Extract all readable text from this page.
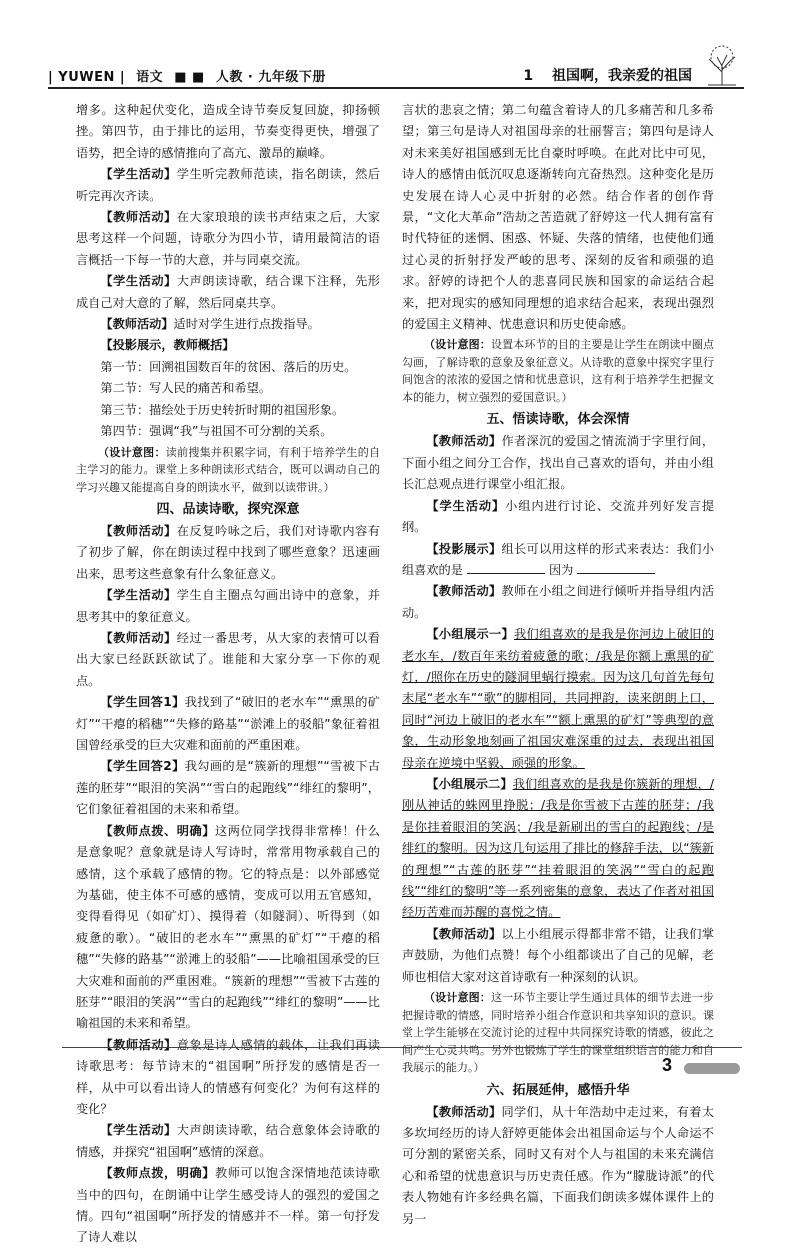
| YUWEN | 语文 ■ ■ 人教 · 九年级下册	1 祖国啊，我亲爱的祖国

增多。这种起伏变化，造成全诗节奏反复回旋，抑扬顿挫。第四节，由于排比的运用，节奏变得更快，增强了语势，把全诗的感情推向了高亢、激昂的巅峰。

【学生活动】学生听完教师范读，指名朗读，然后听完再次齐读。

【教师活动】在大家琅琅的读书声结束之后，大家思考这样一个问题，诗歌分为四小节，请用最简洁的语言概括一下每一节的大意，并与同桌交流。

【学生活动】大声朗读诗歌，结合课下注释，先形成自己对大意的了解，然后同桌共享。

【教师活动】适时对学生进行点拨指导。

【投影展示，教师概括】

第一节：回溯祖国数百年的贫困、落后的历史。

第二节：写人民的痛苦和希望。

第三节：描绘处于历史转折时期的祖国形象。

第四节：强调“我”与祖国不可分割的关系。

（设计意图：读前搜集并积累字词，有利于培养学生的自主学习的能力。课堂上多种朗读形式结合，既可以调动自己的学习兴趣又能提高自身的朗读水平，做到以读带讲。）

四、品读诗歌，探究深意

【教师活动】在反复吟咏之后，我们对诗歌内容有了初步了解，你在朗读过程中找到了哪些意象？迅速画出来，思考这些意象有什么象征意义。

【学生活动】学生自主圈点勾画出诗中的意象，并思考其中的象征意义。

【教师活动】经过一番思考，从大家的表情可以看出大家已经跃跃欲试了。谁能和大家分享一下你的观点。

【学生回答1】我找到了“破旧的老水车”“熏黑的矿灯”“干瘪的稻穗”“失修的路基”“淤滩上的驳船”象征着祖国曾经承受的巨大灾难和面前的严重困难。

【学生回答2】我勾画的是“簇新的理想”“雪被下古莲的胚芽”“眼泪的笑涡”“雪白的起跑线”“绯红的黎明”，它们象征着祖国的未来和希望。

【教师点拨、明确】这两位同学找得非常棒！什么是意象呢？意象就是诗人写诗时，常常用物承载自己的感情，这个承载了感情的物。它的特点是：以外部感觉为基础，使主体不可感的感情，变成可以用五官感知，变得看得见（如矿灯）、摸得着（如隧洞）、听得到（如疲惫的歌）。“破旧的老水车”“熏黑的矿灯”“干瘪的稻穗”“失修的路基”“淤滩上的驳船”——比喻祖国承受的巨大灾难和面前的严重困难。“簇新的理想”“雪被下古莲的胚芽”“眼泪的笑涡”“雪白的起跑线”“绯红的黎明”——比喻祖国的未来和希望。

【教师活动】意象是诗人感情的载体，让我们再读诗歌思考：每节诗末的“祖国啊”所抒发的感情是否一样，从中可以看出诗人的情感有何变化？为何有这样的变化？

【学生活动】大声朗读诗歌，结合意象体会诗歌的情感，并探究“祖国啊”感情的深意。

【教师点拨，明确】教师可以饱含深情地范读诗歌当中的四句，在朗诵中让学生感受诗人的强烈的爱国之情。四句“祖国啊”所抒发的情感并不一样。第一句抒发了诗人难以

言状的悲哀之情；第二句蕴含着诗人的几多痛苦和几多希望；第三句是诗人对祖国母亲的壮丽誓言；第四句是诗人对未来美好祖国感到无比自豪时呼唤。在此对比中可见，诗人的感情由低沉叹息逐渐转向亢奋热烈。这种变化是历史发展在诗人心灵中折射的必然。结合作者的创作背景，“文化大革命”浩劫之苦造就了舒婷这一代人拥有富有时代特征的迷惘、困惑、怀疑、失落的情绪，也使他们通过心灵的折射抒发严峻的思考、深刻的反省和顽强的追求。舒婷的诗把个人的悲喜同民族和国家的命运结合起来，把对现实的感知同理想的追求结合起来，表现出强烈的爱国主义精神、忧患意识和历史使命感。

（设计意图：设置本环节的目的主要是让学生在朗读中圈点勾画，了解诗歌的意象及象征意义。从诗歌的意象中探究字里行间饱含的浓浓的爱国之情和忧患意识，这有利于培养学生把握文本的能力，树立强烈的爱国意识。）

五、悟读诗歌，体会深情

【教师活动】作者深沉的爱国之情流淌于字里行间，下面小组之间分工合作，找出自己喜欢的语句，并由小组长汇总观点进行课堂小组汇报。

【学生活动】小组内进行讨论、交流并列好发言提纲。

【投影展示】组长可以用这样的形式来表达：我们小组喜欢的是	因为

【教师活动】教师在小组之间进行倾听并指导组内活动。

【小组展示一】我们组喜欢的是我是你河边上破旧的老水车，/数百年来纺着疲惫的歌；/我是你额上熏黑的矿灯，/照你在历史的隧洞里蜗行摸索。因为这几句首先每句末尾“老水车”“歌”的脚相同，共同押韵，读来朗朗上口，同时“河边上破旧的老水车”“额上熏黑的矿灯”等典型的意象，生动形象地刻画了祖国灾难深重的过去，表现出祖国母亲在逆境中坚毅、顽强的形象。

【小组展示二】我们组喜欢的是我是你簇新的理想，/刚从神话的蛛网里挣脱；/我是你雪被下古莲的胚芽；/我是你挂着眼泪的笑涡；/我是新刷出的雪白的起跑线；/是绯红的黎明。因为这几句运用了排比的修辞手法，以“簇新的理想”“古莲的胚芽”“挂着眼泪的笑涡”“雪白的起跑线”“绯红的黎明”等一系列密集的意象，表达了作者对祖国经历苦难而苏醒的喜悦之情。

【教师活动】以上小组展示得都非常不错，让我们掌声鼓励，为他们点赞！每个小组都谈出了自己的见解，老师也相信大家对这首诗歌有一种深刻的认识。

（设计意图：这一环节主要让学生通过具体的细节去进一步把握诗歌的情感，同时培养小组合作意识和共享知识的意识。课堂上学生能够在交流讨论的过程中共同探究诗歌的情感，彼此之间产生心灵共鸣。另外也锻炼了学生的课堂组织语言的能力和自我展示的能力。）

六、拓展延伸，感悟升华

【教师活动】同学们，从十年浩劫中走过来，有着太多坎坷经历的诗人舒婷更能体会出祖国命运与个人命运不可分割的紧密关系，同时又有对个人与祖国的未来充满信心和希望的忧患意识与历史责任感。作为“朦胧诗派”的代表人物她有许多经典名篇，下面我们朗读多媒体课件上的另一

3
